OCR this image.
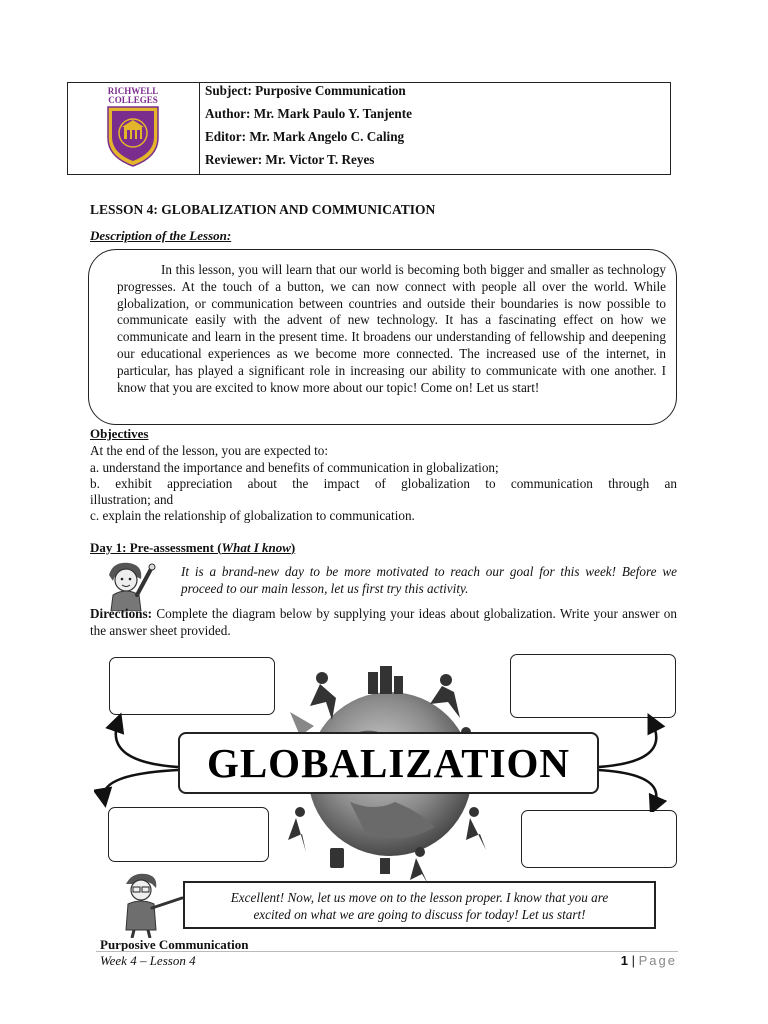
RICHWELL
COLLEGES
Subject: Purposive Communication
Author: Mr. Mark Paulo Y. Tanjente
Editor: Mr. Mark Angelo C. Caling
Reviewer: Mr. Victor T. Reyes
LESSON 4: GLOBALIZATION AND COMMUNICATION
Description of the Lesson:
In this lesson, you will learn that our world is becoming both bigger and smaller as technology progresses. At the touch of a button, we can now connect with people all over the world. While globalization, or communication between countries and outside their boundaries is now possible to communicate easily with the advent of new technology. It has a fascinating effect on how we communicate and learn in the present time. It broadens our understanding of fellowship and deepening our educational experiences as we become more connected. The increased use of the internet, in particular, has played a significant role in increasing our ability to communicate with one another. I know that you are excited to know more about our topic! Come on! Let us start!
Objectives
At the end of the lesson, you are expected to:
a. understand the importance and benefits of communication in globalization;
b. exhibit appreciation about the impact of globalization to communication through an
illustration; and
c. explain the relationship of globalization to communication.
Day 1: Pre-assessment (What I know)
It is a brand-new day to be more motivated to reach our goal for this week! Before we proceed to our main lesson, let us first try this activity.
Directions: Complete the diagram below by supplying your ideas about globalization. Write your answer on the answer sheet provided.
GLOBALIZATION
Excellent! Now, let us move on to the lesson proper. I know that you are
excited on what we are going to discuss for today! Let us start!
Purposive Communication
Week 4 – Lesson 4	1 | Page
